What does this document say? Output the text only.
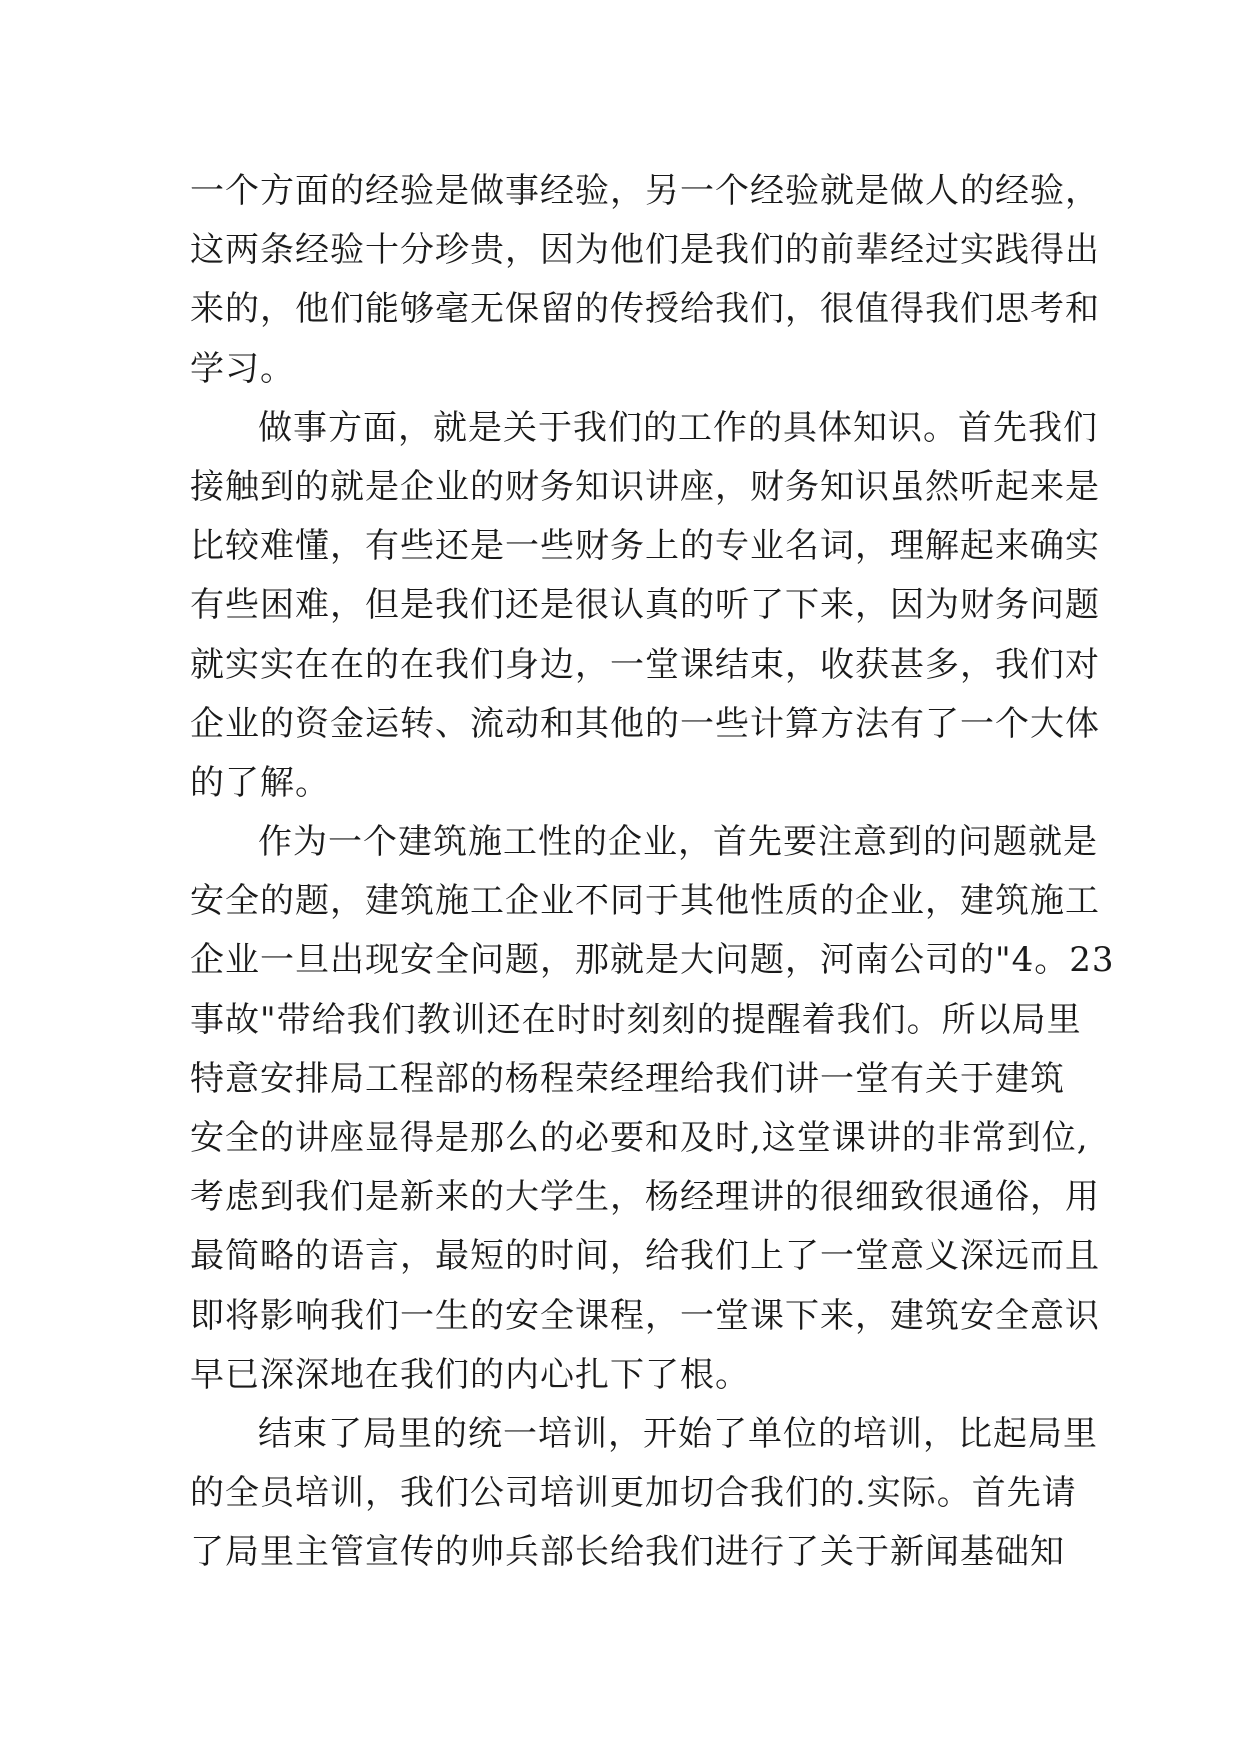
一个方面的经验是做事经验，另一个经验就是做人的经验，
这两条经验十分珍贵，因为他们是我们的前辈经过实践得出
来的，他们能够毫无保留的传授给我们，很值得我们思考和
学习。
做事方面，就是关于我们的工作的具体知识。首先我们
接触到的就是企业的财务知识讲座，财务知识虽然听起来是
比较难懂，有些还是一些财务上的专业名词，理解起来确实
有些困难，但是我们还是很认真的听了下来，因为财务问题
就实实在在的在我们身边，一堂课结束，收获甚多，我们对
企业的资金运转、流动和其他的一些计算方法有了一个大体
的了解。
作为一个建筑施工性的企业，首先要注意到的问题就是
安全的题，建筑施工企业不同于其他性质的企业，建筑施工
企业一旦出现安全问题，那就是大问题，河南公司的"4。23
事故"带给我们教训还在时时刻刻的提醒着我们。所以局里
特意安排局工程部的杨程荣经理给我们讲一堂有关于建筑
安全的讲座显得是那么的必要和及时,这堂课讲的非常到位,
考虑到我们是新来的大学生，杨经理讲的很细致很通俗，用
最简略的语言，最短的时间，给我们上了一堂意义深远而且
即将影响我们一生的安全课程，一堂课下来，建筑安全意识
早已深深地在我们的内心扎下了根。
结束了局里的统一培训，开始了单位的培训，比起局里
的全员培训，我们公司培训更加切合我们的.实际。首先请
了局里主管宣传的帅兵部长给我们进行了关于新闻基础知
